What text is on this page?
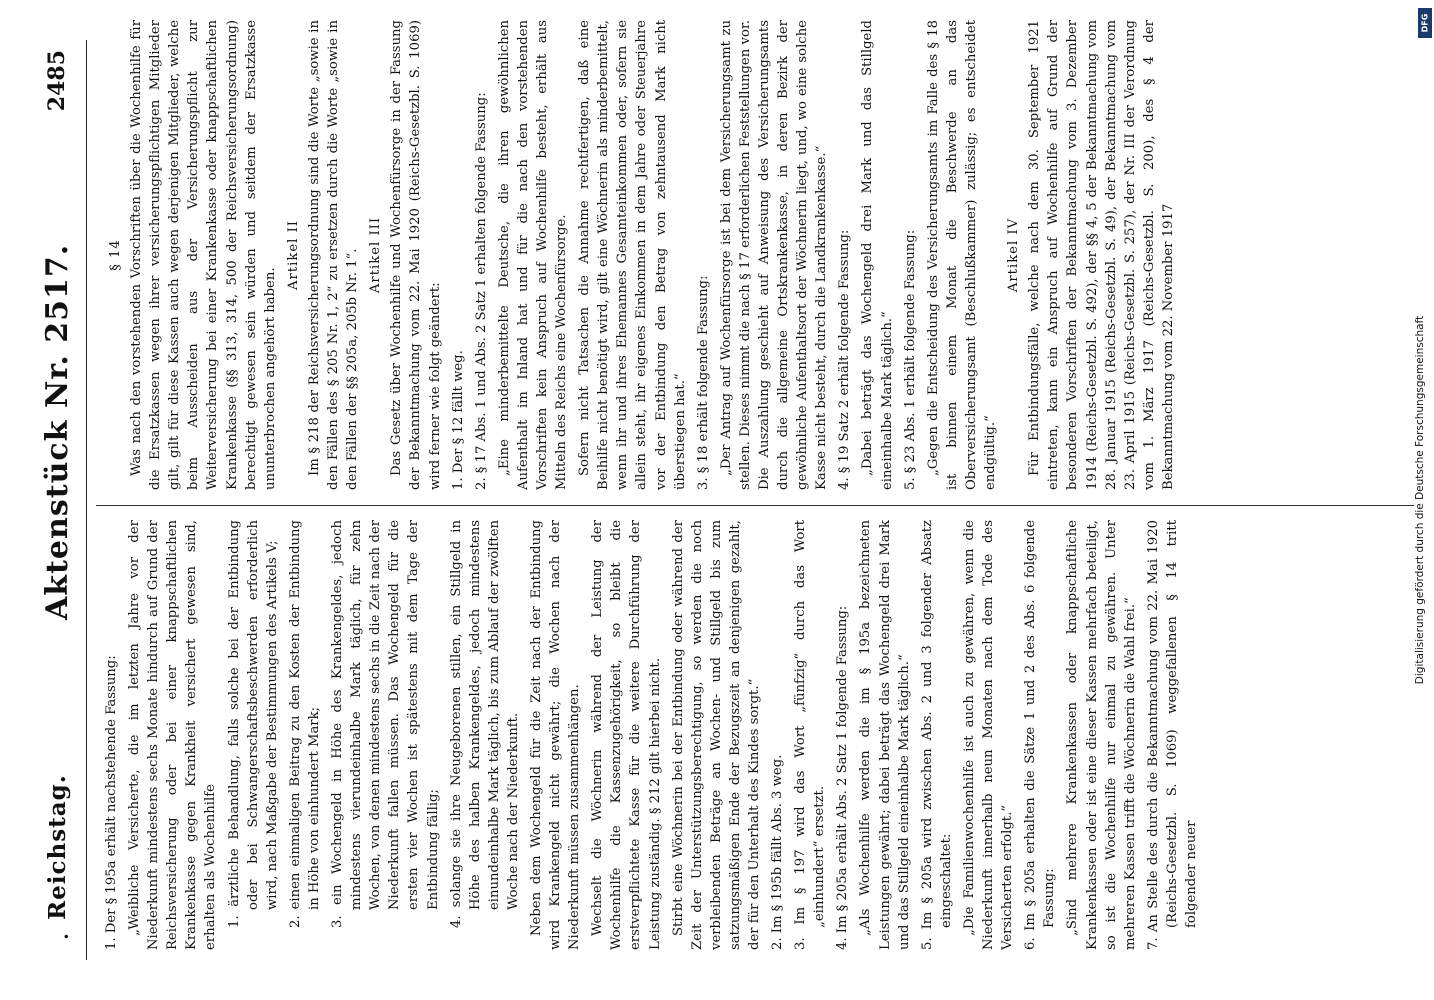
•
Reichstag.
Aktenstück Nr. 2517.
2485

1. Der § 195a erhält nachstehende Fassung: „Weibliche Versicherte, die im letzten Jahre vor der Niederkunft mindestens sechs Monate hindurch auf Grund der Reichsversicherung oder bei einer knappschaftlichen Krankenkasse gegen Krankheit versichert gewesen sind, erhalten als Wochenhilfe 1. ärztliche Behandlung, falls solche bei der Entbindung oder bei Schwangerschaftsbeschwerden erforderlich wird, nach Maßgabe der Bestimmungen des Artikels V; 2. einen einmaligen Beitrag zu den Kosten der Entbindung in Höhe von einhundert Mark; 3. ein Wochengeld in Höhe des Krankengeldes, jedoch mindestens vierundeinhalbe Mark täglich, für zehn Wochen, von denen mindestens sechs in die Zeit nach der Niederkunft fallen müssen. Das Wochengeld für die ersten vier Wochen ist spätestens mit dem Tage der Entbindung fällig; 4. solange sie ihre Neugeborenen stillen, ein Stillgeld in Höhe des halben Krankengeldes, jedoch mindestens einundeinhalbe Mark täglich, bis zum Ablauf der zwölften Woche nach der Niederkunft. Neben dem Wochengeld für die Zeit nach der Entbindung wird Krankengeld nicht gewährt; die Wochen nach der Niederkunft müssen zusammenhängen. Wechselt die Wöchnerin während der Leistung der Wochenhilfe die Kassenzugehörigkeit, so bleibt die erstverpflichtete Kasse für die weitere Durchführung der Leistung zuständig. § 212 gilt hierbei nicht. Stirbt eine Wöchnerin bei der Entbindung oder während der Zeit der Unterstützungsberechtigung, so werden die noch verbleibenden Beträge an Wochen- und Stillgeld bis zum satzungsmäßigen Ende der Bezugszeit an denjenigen gezahlt, der für den Unterhalt des Kindes sorgt.“ 2. Im § 195b fällt Abs. 3 weg. 3. Im § 197 wird das Wort „fünfzig“ durch das Wort „einhundert“ ersetzt. 4. Im § 205a erhält Abs. 2 Satz 1 folgende Fassung: „Als Wochenhilfe werden die im § 195a bezeichneten Leistungen gewährt; dabei beträgt das Wochengeld drei Mark und das Stillgeld eineinhalbe Mark täglich.“ 5. Im § 205a wird zwischen Abs. 2 und 3 folgender Absatz eingeschaltet: „Die Familienwochenhilfe ist auch zu gewähren, wenn die Niederkunft innerhalb neun Monaten nach dem Tode des Versicherten erfolgt.“ 6. Im § 205a erhalten die Sätze 1 und 2 des Abs. 6 folgende Fassung: „Sind mehrere Krankenkassen oder knappschaftliche Krankenkassen oder ist eine dieser Kassen mehrfach beteiligt, so ist die Wochenhilfe nur einmal zu gewähren. Unter mehreren Kassen trifft die Wöchnerin die Wahl frei.“ 7. An Stelle des durch die Bekanntmachung vom 22. Mai 1920 (Reichs-Gesetzbl. S. 1069) weggefallenen § 14 tritt folgender neuer

§ 14 Was nach den vorstehenden Vorschriften über die Wochenhilfe für die Ersatzkassen wegen ihrer versicherungspflichtigen Mitglieder gilt, gilt für diese Kassen auch wegen derjenigen Mitglieder, welche beim Ausscheiden aus der Versicherungspflicht zur Weiterversicherung bei einer Krankenkasse oder knappschaftlichen Krankenkasse (§§ 313, 314, 500 der Reichsversicherungsordnung) berechtigt gewesen sein würden und seitdem der Ersatzkasse ununterbrochen angehört haben.

Artikel II Im § 218 der Reichsversicherungsordnung sind die Worte „sowie in den Fällen des § 205 Nr. 1, 2“ zu ersetzen durch die Worte „sowie in den Fällen der §§ 205a, 205b Nr. 1“. Artikel III Das Gesetz über Wochenhilfe und Wochenfürsorge in der Fassung der Bekanntmachung vom 22. Mai 1920 (Reichs-Gesetzbl. S. 1069) wird ferner wie folgt geändert: 1. Der § 12 fällt weg. 2. § 17 Abs. 1 und Abs. 2 Satz 1 erhalten folgende Fassung: „Eine minderbemittelte Deutsche, die ihren gewöhnlichen Aufenthalt im Inland hat und für die nach den vorstehenden Vorschriften kein Anspruch auf Wochenhilfe besteht, erhält aus Mitteln des Reichs eine Wochenfürsorge. Sofern nicht Tatsachen die Annahme rechtfertigen, daß eine Beihilfe nicht benötigt wird, gilt eine Wöchnerin als minderbemittelt, wenn ihr und ihres Ehemannes Gesamteinkommen oder, sofern sie allein steht, ihr eigenes Einkommen in dem Jahre oder Steuerjahre vor der Entbindung den Betrag von zehntausend Mark nicht überstiegen hat.“ 3. § 18 erhält folgende Fassung: „Der Antrag auf Wochenfürsorge ist bei dem Versicherungsamt zu stellen. Dieses nimmt die nach § 17 erforderlichen Feststellungen vor. Die Auszahlung geschieht auf Anweisung des Versicherungsamts durch die allgemeine Ortskrankenkasse, in deren Bezirk der gewöhnliche Aufenthaltsort der Wöchnerin liegt, und, wo eine solche Kasse nicht besteht, durch die Landkrankenkasse.“ 4. § 19 Satz 2 erhält folgende Fassung: „Dabei beträgt das Wochengeld drei Mark und das Stillgeld eineinhalbe Mark täglich.“ 5. § 23 Abs. 1 erhält folgende Fassung: „Gegen die Entscheidung des Versicherungsamts im Falle des § 18 ist binnen einem Monat die Beschwerde an das Oberversicherungsamt (Beschlußkammer) zulässig; es entscheidet endgültig.“

Artikel IV Für Entbindungsfälle, welche nach dem 30. September 1921 eintreten, kann ein Anspruch auf Wochenhilfe auf Grund der besonderen Vorschriften der Bekanntmachung vom 3. Dezember 1914 (Reichs-Gesetzbl. S. 492), der §§ 4, 5 der Bekanntmachung vom 28. Januar 1915 (Reichs-Gesetzbl. S. 49), der Bekanntmachung vom 23. April 1915 (Reichs-Gesetzbl. S. 257), der Nr. III der Verordnung vom 1. März 1917 (Reichs-Gesetzbl. S. 200), des § 4 der Bekanntmachung vom 22. November 1917	Digitalisierung gefördert durch die Deutsche Forschungsgemeinschaft
DFG
